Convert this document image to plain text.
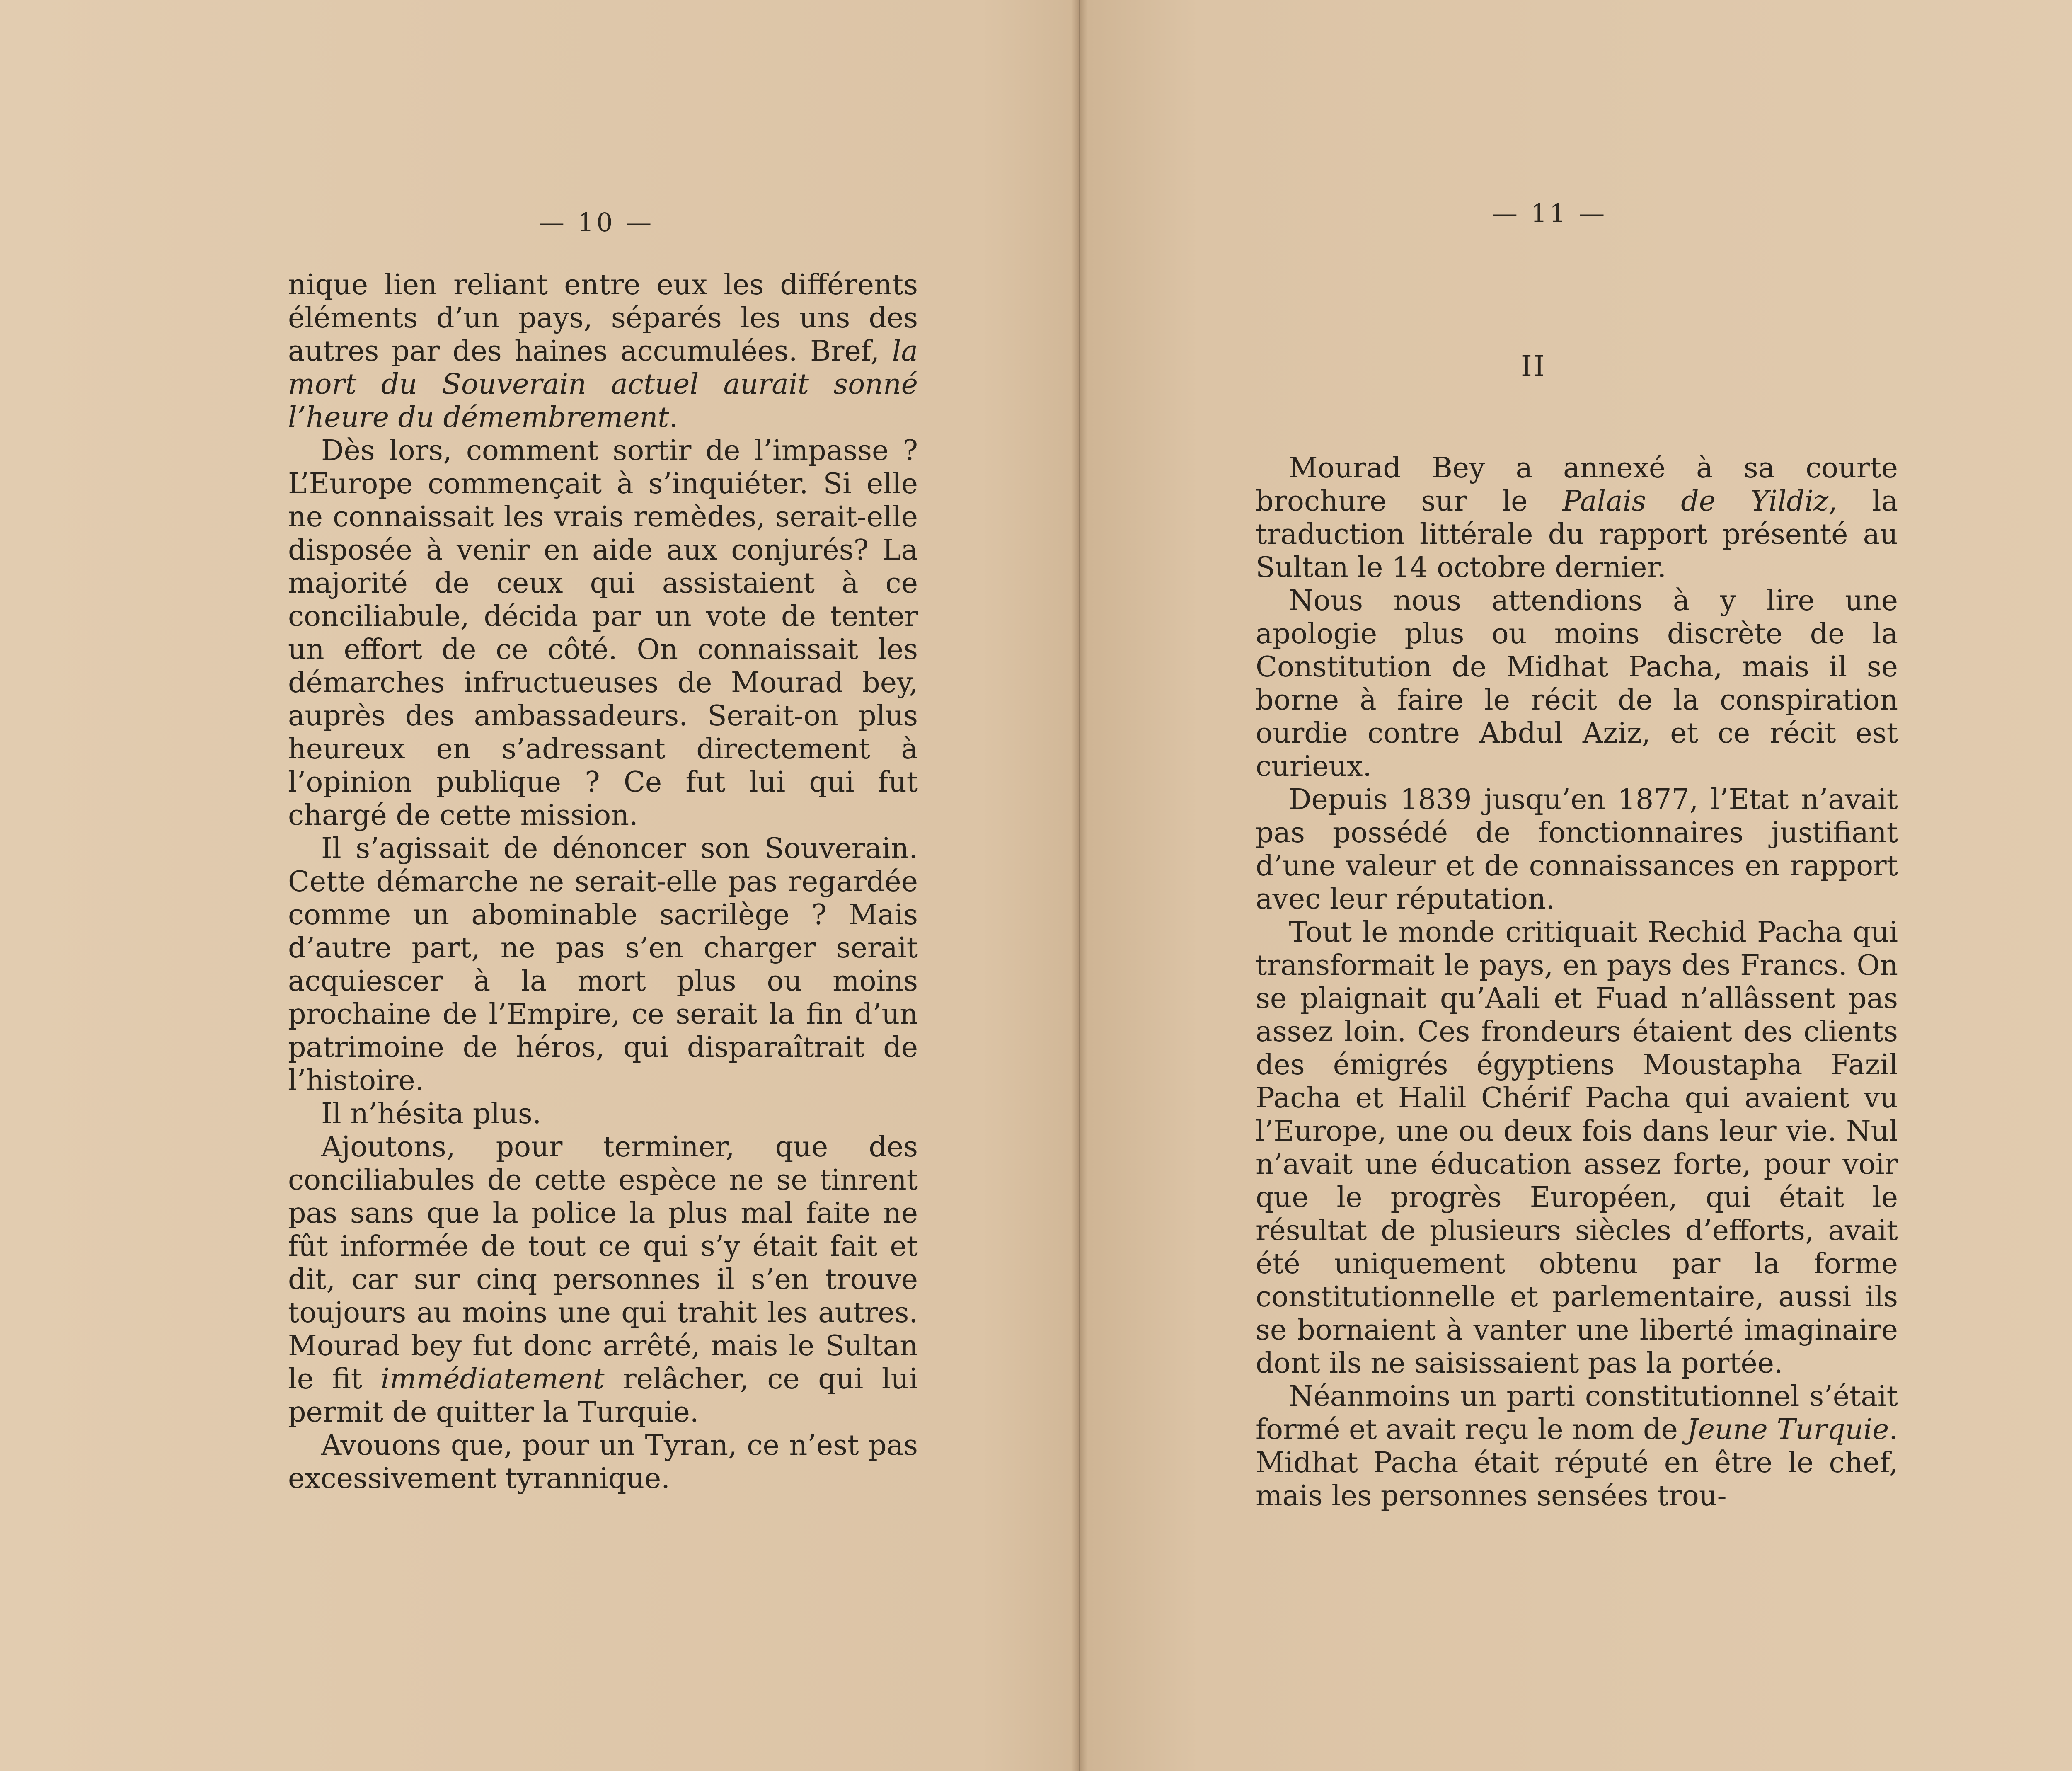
— 10 —

nique lien reliant entre eux les différents éléments d’un pays, séparés les uns des autres par des haines accumulées. Bref, la mort du Souverain actuel aurait sonné l’heure du démembrement.

Dès lors, comment sortir de l’impasse ? L’Europe commençait à s’inquiéter. Si elle ne connaissait les vrais remèdes, serait-elle disposée à venir en aide aux conjurés? La majorité de ceux qui assistaient à ce conciliabule, décida par un vote de tenter un effort de ce côté. On connaissait les démarches infructueuses de Mourad bey, auprès des ambassadeurs. Serait-on plus heureux en s’adressant directement à l’opinion publique ? Ce fut lui qui fut chargé de cette mission.

Il s’agissait de dénoncer son Souverain. Cette démarche ne serait-elle pas regardée comme un abominable sacrilège ? Mais d’autre part, ne pas s’en charger serait acquiescer à la mort plus ou moins prochaine de l’Empire, ce serait la fin d’un patrimoine de héros, qui disparaîtrait de l’histoire.

Il n’hésita plus.

Ajoutons, pour terminer, que des conciliabules de cette espèce ne se tinrent pas sans que la police la plus mal faite ne fût informée de tout ce qui s’y était fait et dit, car sur cinq personnes il s’en trouve toujours au moins une qui trahit les autres. Mourad bey fut donc arrêté, mais le Sultan le fit immédiatement relâcher, ce qui lui permit de quitter la Turquie.

Avouons que, pour un Tyran, ce n’est pas excessivement tyrannique.

— 11 —
II

Mourad Bey a annexé à sa courte brochure sur le Palais de Yildiz, la traduction littérale du rapport présenté au Sultan le 14 octobre dernier.

Nous nous attendions à y lire une apologie plus ou moins discrète de la Constitution de Midhat Pacha, mais il se borne à faire le récit de la conspiration ourdie contre Abdul Aziz, et ce récit est curieux.

Depuis 1839 jusqu’en 1877, l’Etat n’avait pas possédé de fonctionnaires justifiant d’une valeur et de connaissances en rapport avec leur réputation.

Tout le monde critiquait Rechid Pacha qui transformait le pays, en pays des Francs. On se plaignait qu’Aali et Fuad n’allâssent pas assez loin. Ces frondeurs étaient des clients des émigrés égyptiens Moustapha Fazil Pacha et Halil Chérif Pacha qui avaient vu l’Europe, une ou deux fois dans leur vie. Nul n’avait une éducation assez forte, pour voir que le progrès Européen, qui était le résultat de plusieurs siècles d’efforts, avait été uniquement obtenu par la forme constitutionnelle et parlementaire, aussi ils se bornaient à vanter une liberté imaginaire dont ils ne saisissaient pas la portée.

Néanmoins un parti constitutionnel s’était formé et avait reçu le nom de Jeune Turquie. Midhat Pacha était réputé en être le chef, mais les personnes sensées trou-
